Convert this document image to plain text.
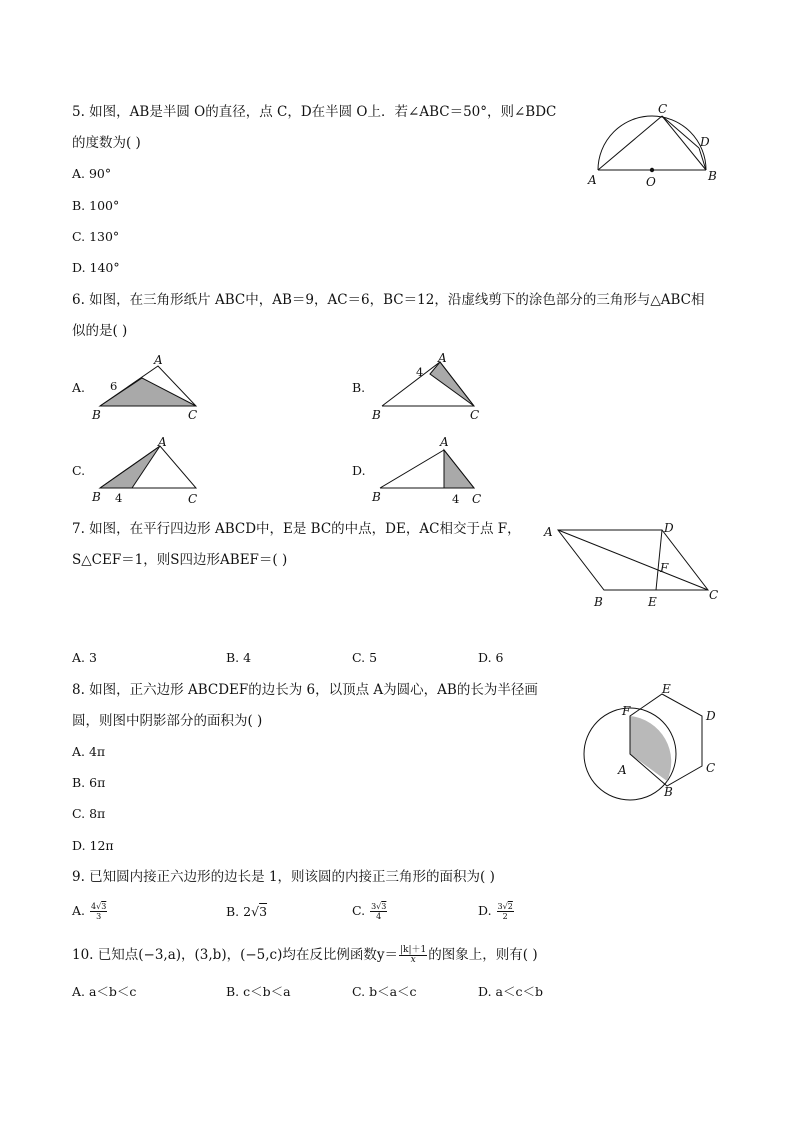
5. 如图，AB是半圆 O的直径，点 C，D在半圆 O上．若∠ABC＝50°，则∠BDC
的度数为( )
A. 90°
B. 100°
C. 130°
D. 140°
A	O	B
C
D
6. 如图，在三角形纸片 ABC中，AB＝9，AC＝6，BC＝12，沿虚线剪下的涂色部分的三角形与△ABC相
似的是( )
A.
A
B	C
6	B.
A
B	C
4
C.
A
B	C
4
D.
A
B	C
4
7. 如图，在平行四边形 ABCD中，E是 BC的中点，DE，AC相交于点 F，
S△CEF＝1，则S四边形ABEF＝( )
A
B	C
D
E
F
A. 3	B. 4	C. 5	D. 6
8. 如图，正六边形 ABCDEF的边长为 6，以顶点 A为圆心，AB的长为半径画
圆，则图中阴影部分的面积为( )
A. 4π
B. 6π
C. 8π
D. 12π
F
E
D
C
B
A
9. 已知圆内接正六边形的边长是 1，则该圆的内接正三角形的面积为( )
A. $\frac{4√3}{3}$	B. 2√3	C. $\frac{3√3}{4}$	D. $\frac{3√2}{2}$
10. 已知点(−3,a)，(3,b)，(−5,c)均在反比例函数$y= \frac{|k|+1}{x}$ 的图象上，则有( )
A. a＜b＜c	B. c＜b＜a	C. b＜a＜c	D. a＜c＜b
